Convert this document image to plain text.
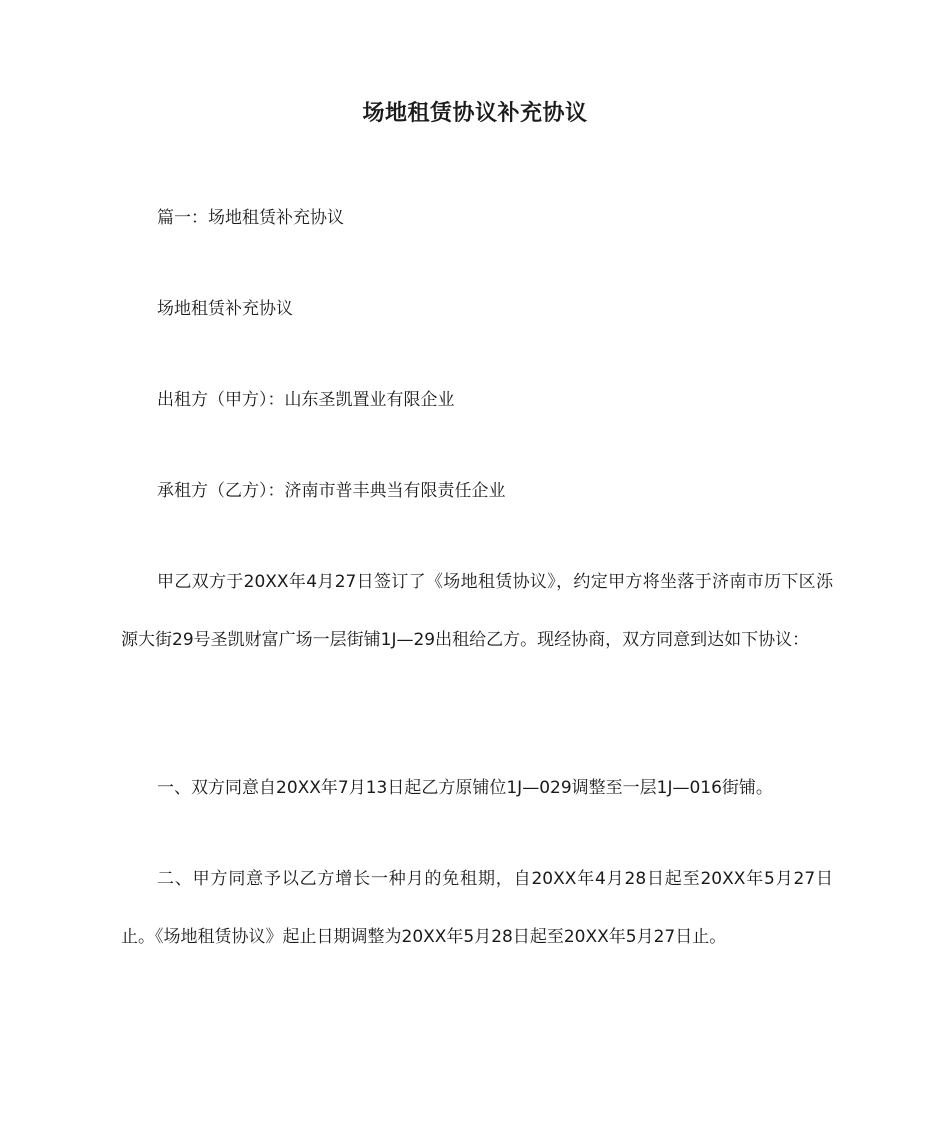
场地租赁协议补充协议

篇一：场地租赁补充协议

场地租赁补充协议

出租方（甲方）：山东圣凯置业有限企业

承租方（乙方）：济南市普丰典当有限责任企业

甲乙双方于20XX年4月27日签订了《场地租赁协议》，约定甲方将坐落于济南市历下区泺源大街29号圣凯财富广场一层街铺1J—29出租给乙方。现经协商，双方同意到达如下协议：

一、双方同意自20XX年7月13日起乙方原铺位1J—029调整至一层1J—016街铺。

二、甲方同意予以乙方增长一种月的免租期，自20XX年4月28日起至20XX年5月27日止。《场地租赁协议》起止日期调整为20XX年5月28日起至20XX年5月27日止。
